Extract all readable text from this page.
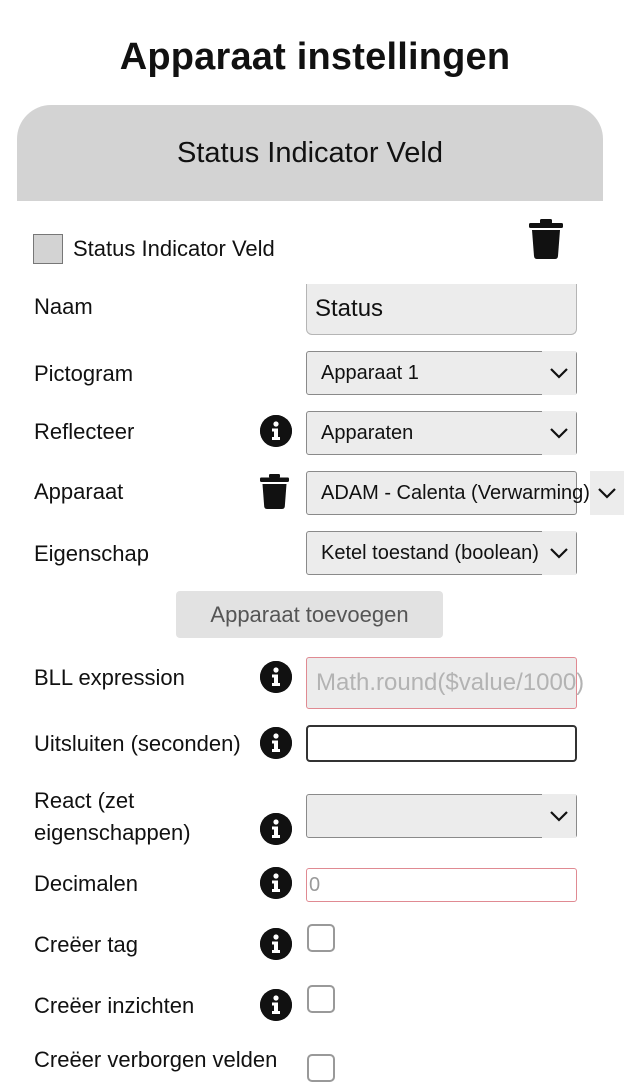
Apparaat instellingen
Status Indicator Veld
Status Indicator Veld
Naam	Status
Pictogram	Apparaat 1
Reflecteer	Apparaten
Apparaat	ADAM - Calenta (Verwarming)
Eigenschap	Ketel toestand (boolean)
Apparaat toevoegen
BLL expression	Math.round($value/1000)
Uitsluiten (seconden)
React (zet
eigenschappen)
Decimalen	0
Creëer tag
Creëer inzichten
Creëer verborgen velden
